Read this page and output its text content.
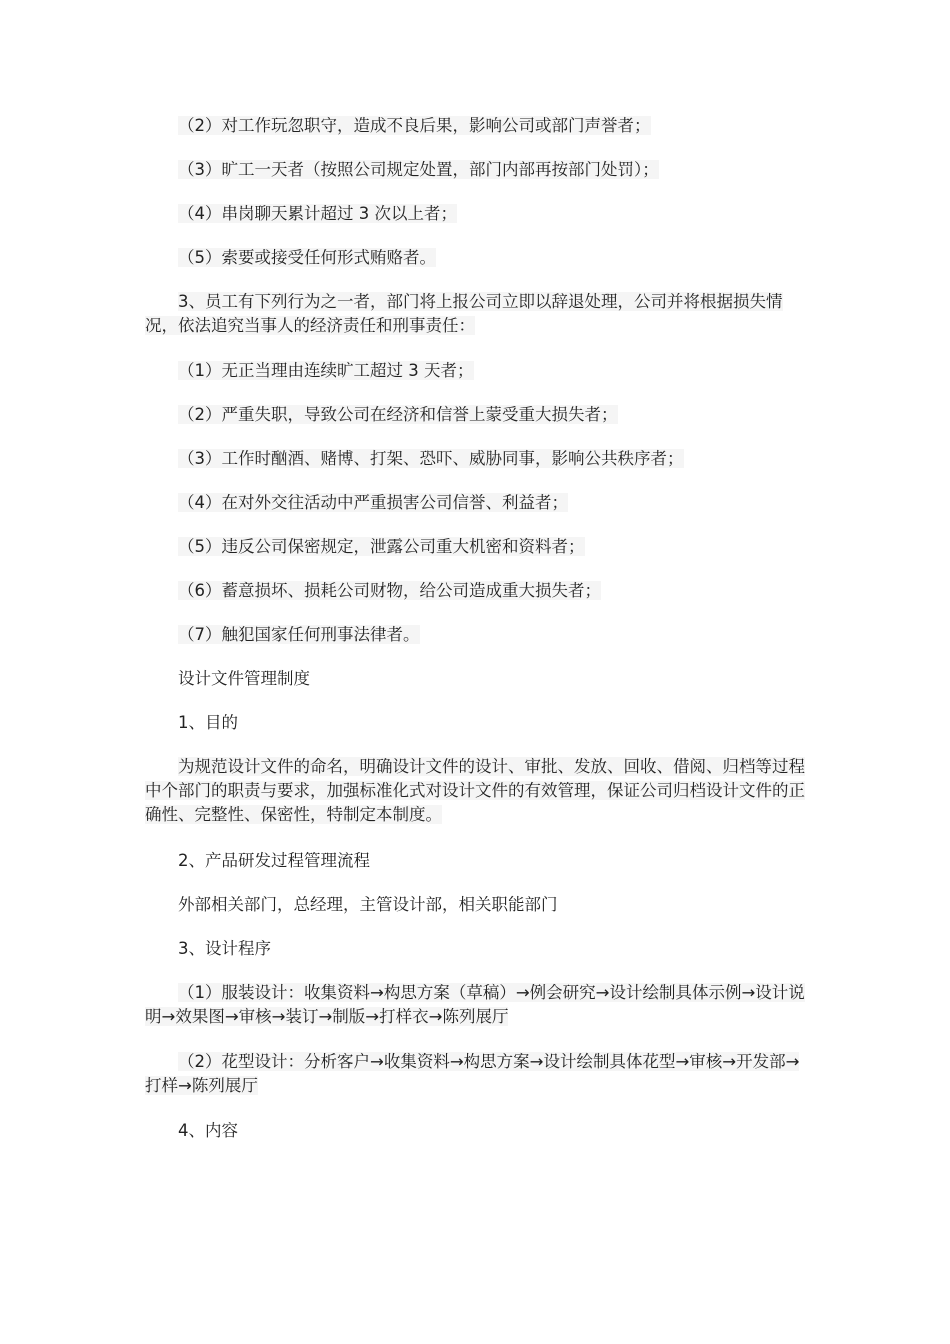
（2）对工作玩忽职守，造成不良后果，影响公司或部门声誉者；

（3）旷工一天者（按照公司规定处置，部门内部再按部门处罚）；

（4）串岗聊天累计超过 3 次以上者；

（5）索要或接受任何形式贿赂者。

3、员工有下列行为之一者，部门将上报公司立即以辞退处理，公司并将根据损失情况，依法追究当事人的经济责任和刑事责任：

（1）无正当理由连续旷工超过 3 天者；

（2）严重失职，导致公司在经济和信誉上蒙受重大损失者；

（3）工作时酗酒、赌博、打架、恐吓、威胁同事，影响公共秩序者；

（4）在对外交往活动中严重损害公司信誉、利益者；

（5）违反公司保密规定，泄露公司重大机密和资料者；

（6）蓄意损坏、损耗公司财物，给公司造成重大损失者；

（7）触犯国家任何刑事法律者。

设计文件管理制度

1、目的

为规范设计文件的命名，明确设计文件的设计、审批、发放、回收、借阅、归档等过程中个部门的职责与要求，加强标准化式对设计文件的有效管理，保证公司归档设计文件的正确性、完整性、保密性，特制定本制度。

2、产品研发过程管理流程

外部相关部门，总经理，主管设计部，相关职能部门

3、设计程序

（1）服装设计：收集资料→构思方案（草稿）→例会研究→设计绘制具体示例→设计说明→效果图→审核→装订→制版→打样衣→陈列展厅

（2）花型设计：分析客户→收集资料→构思方案→设计绘制具体花型→审核→开发部→打样→陈列展厅

4、内容
